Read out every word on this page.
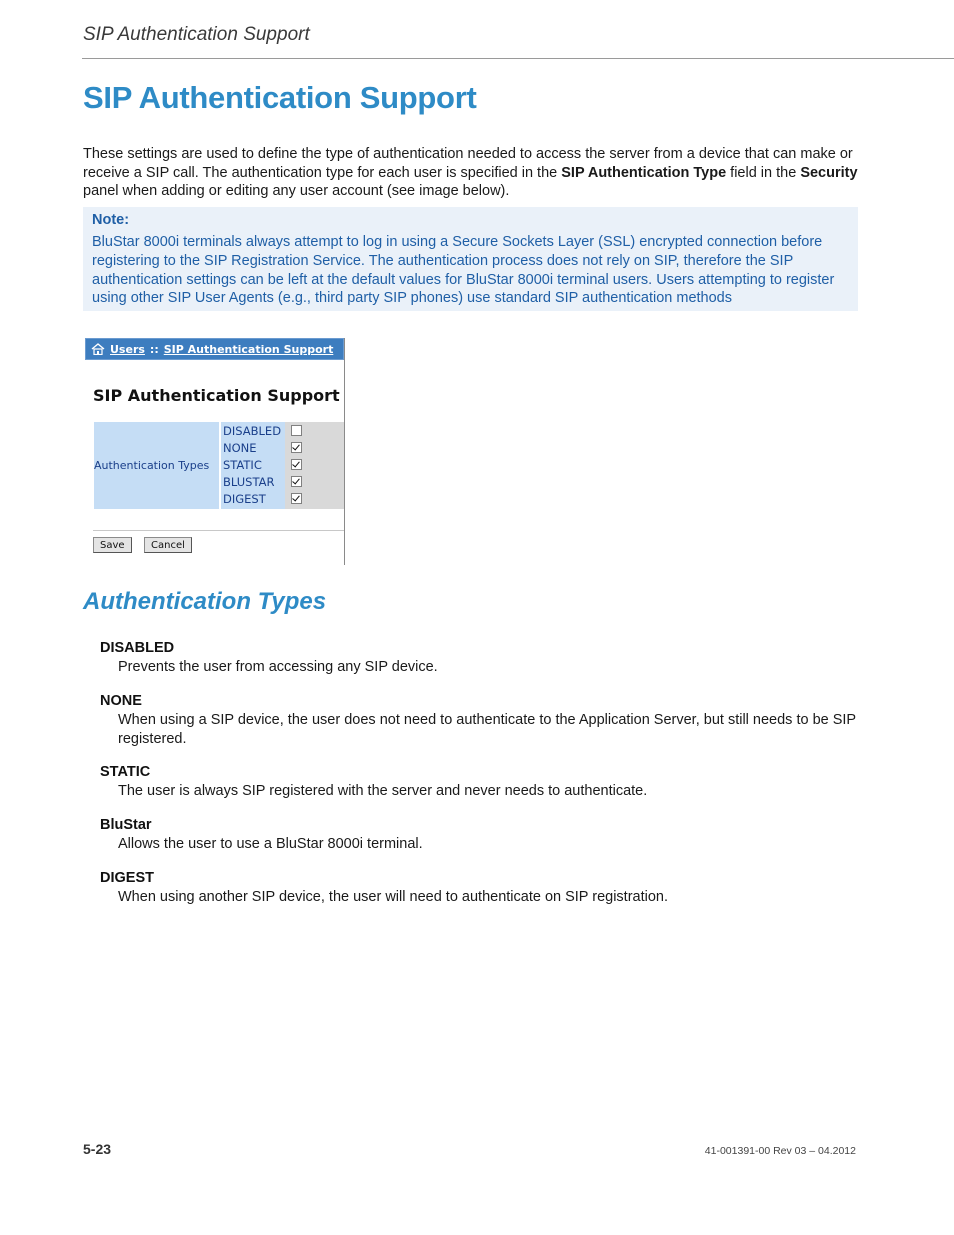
SIP Authentication Support
SIP Authentication Support

These settings are used to define the type of authentication needed to access the server from a device that can make or receive a SIP call. The authentication type for each user is specified in the SIP Authentication Type field in the Security panel when adding or editing any user account (see image below).

Note:

BluStar 8000i terminals always attempt to log in using a Secure Sockets Layer (SSL) encrypted connection before registering to the SIP Registration Service. The authentication process does not rely on SIP, therefore the SIP authentication settings can be left at the default values for BluStar 8000i terminal users. Users attempting to register using other SIP User Agents (e.g., third party SIP phones) use standard SIP authentication methods

Users :: SIP Authentication Support
SIP Authentication Support
Authentication Types
DISABLED
NONE
STATIC
BLUSTAR
DIGEST
Save	Cancel
Authentication Types

DISABLED

Prevents the user from accessing any SIP device.

NONE

When using a SIP device, the user does not need to authenticate to the Application Server, but still needs to be SIP registered.

STATIC

The user is always SIP registered with the server and never needs to authenticate.

BluStar

Allows the user to use a BluStar 8000i terminal.

DIGEST

When using another SIP device, the user will need to authenticate on SIP registration.

5-23	41-001391-00 Rev 03 – 04.2012
